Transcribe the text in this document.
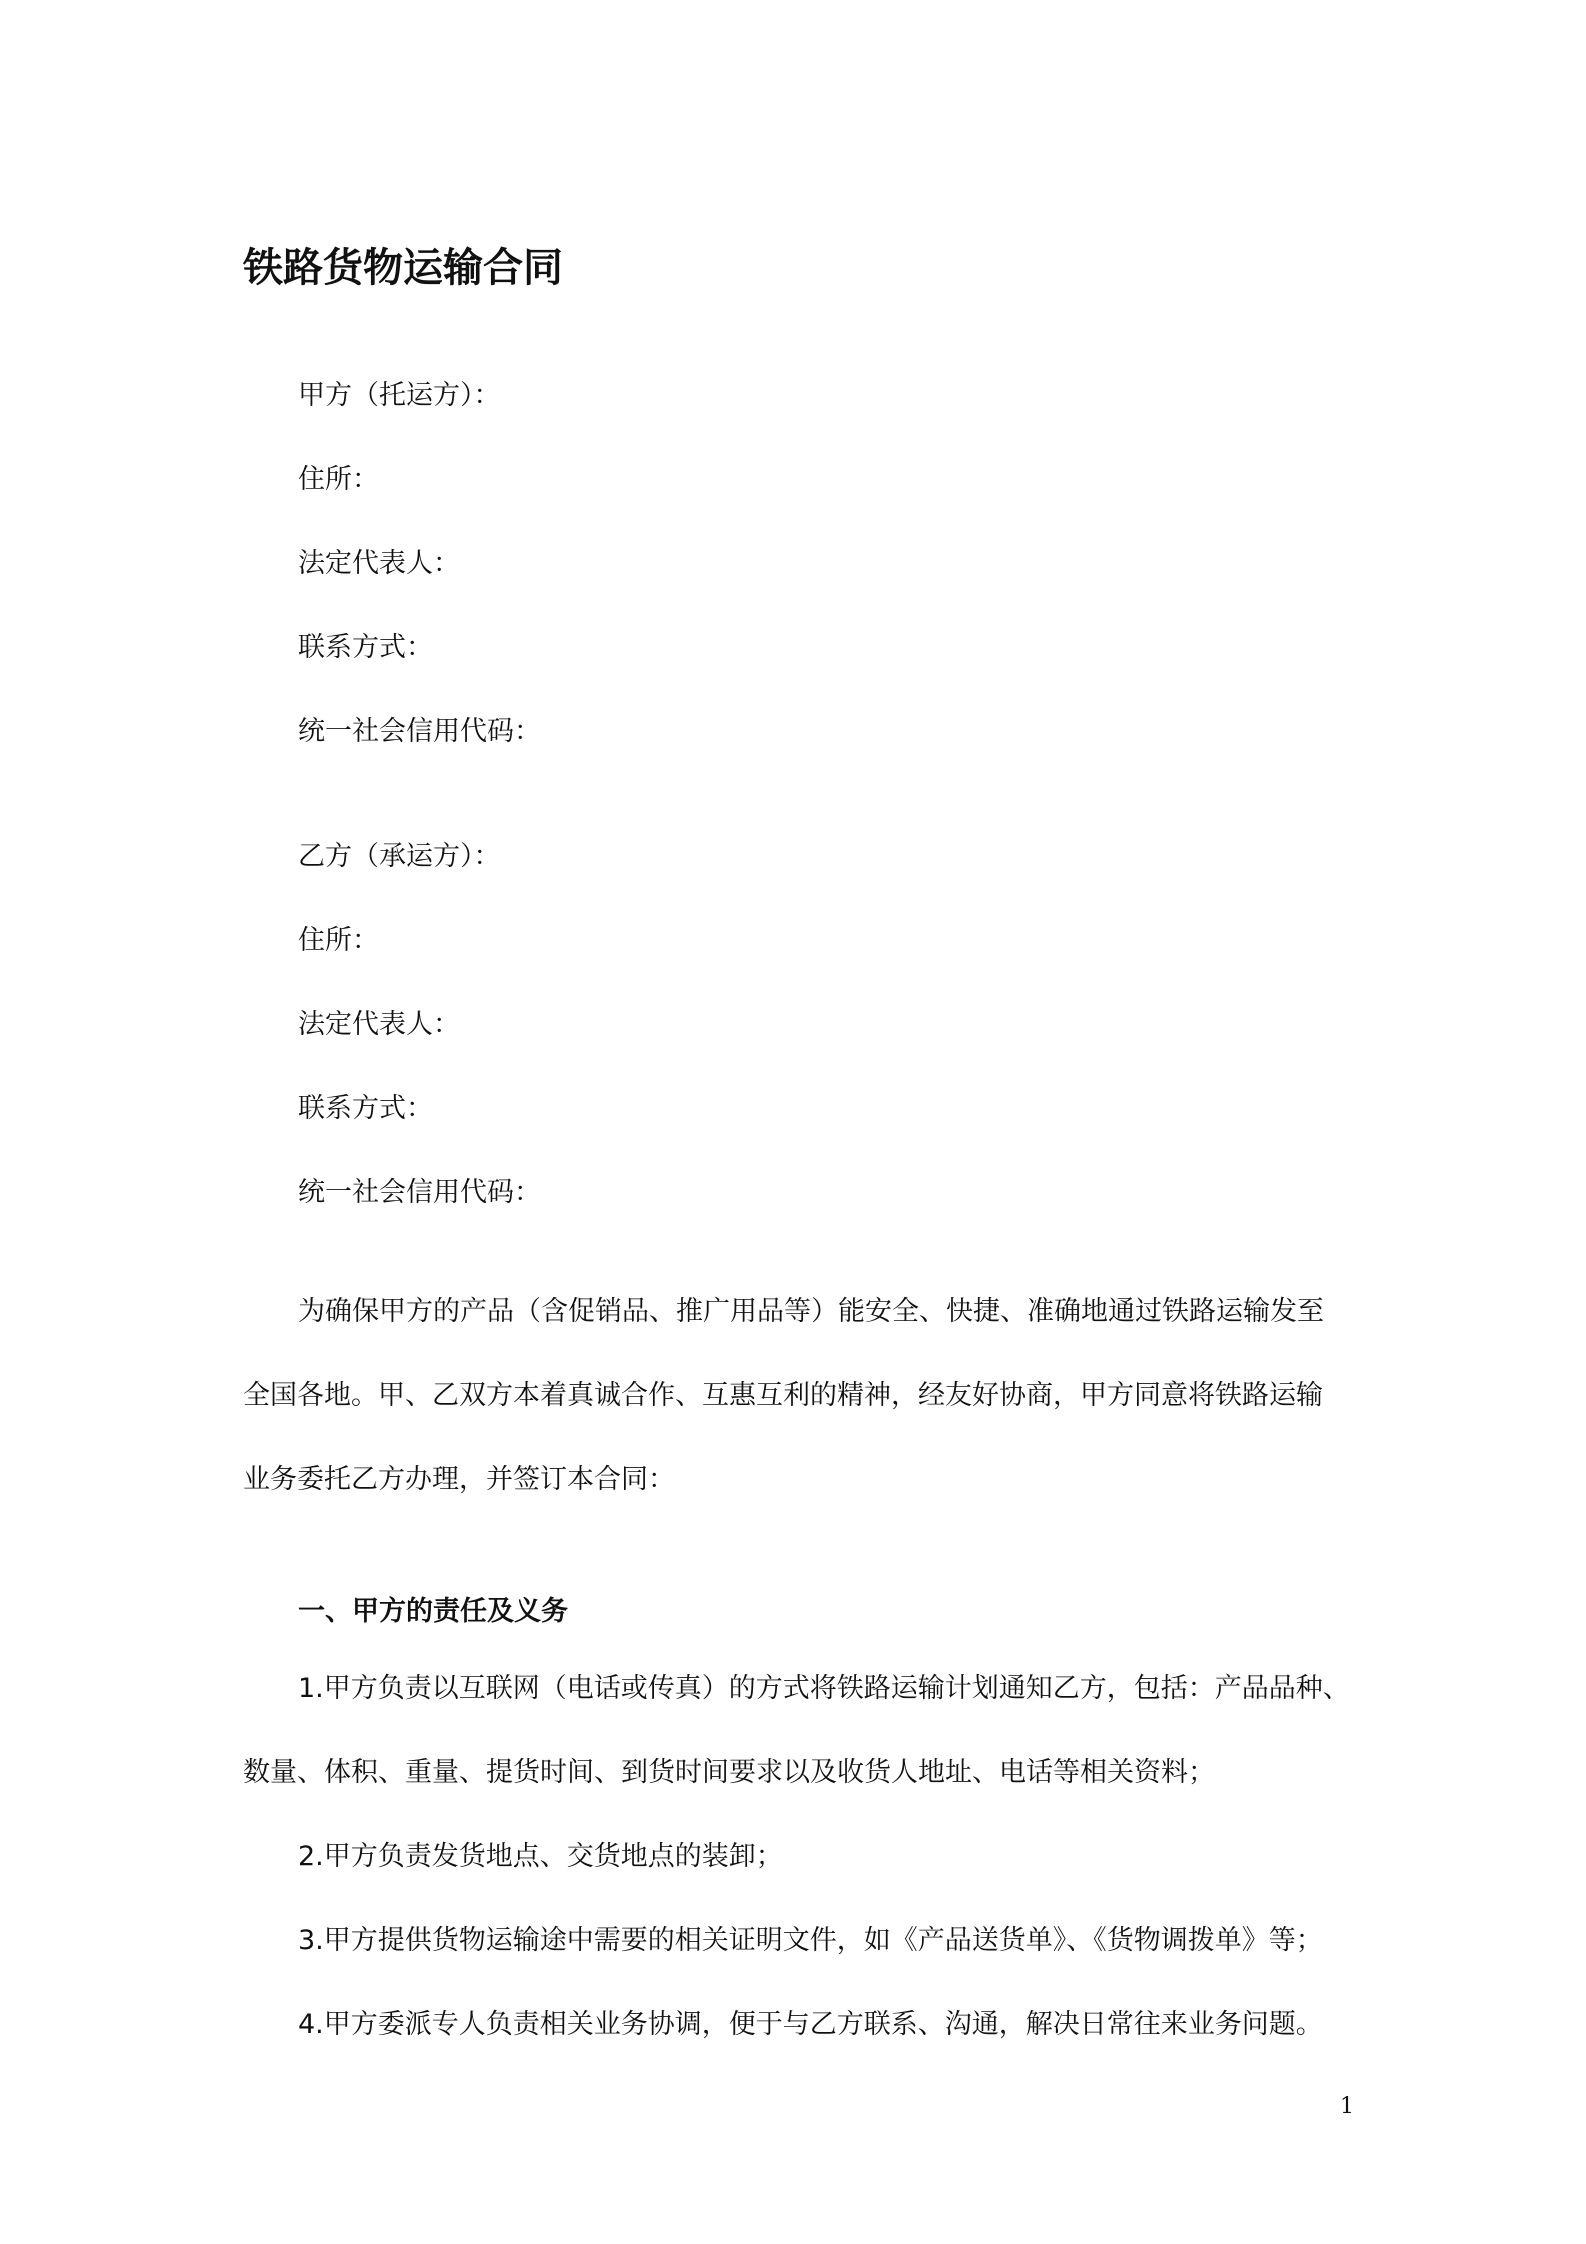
铁路货物运输合同
甲方（托运方）：
住所：
法定代表人：
联系方式：
统一社会信用代码：
乙方（承运方）：
住所：
法定代表人：
联系方式：
统一社会信用代码：
为确保甲方的产品（含促销品、推广用品等）能安全、快捷、准确地通过铁路运输发至
全国各地。甲、乙双方本着真诚合作、互惠互利的精神，经友好协商，甲方同意将铁路运输
业务委托乙方办理，并签订本合同：
一、甲方的责任及义务
1.甲方负责以互联网（电话或传真）的方式将铁路运输计划通知乙方，包括：产品品种、
数量、体积、重量、提货时间、到货时间要求以及收货人地址、电话等相关资料；
2.甲方负责发货地点、交货地点的装卸；
3.甲方提供货物运输途中需要的相关证明文件，如《产品送货单》、《货物调拨单》等；
4.甲方委派专人负责相关业务协调，便于与乙方联系、沟通，解决日常往来业务问题。
1
